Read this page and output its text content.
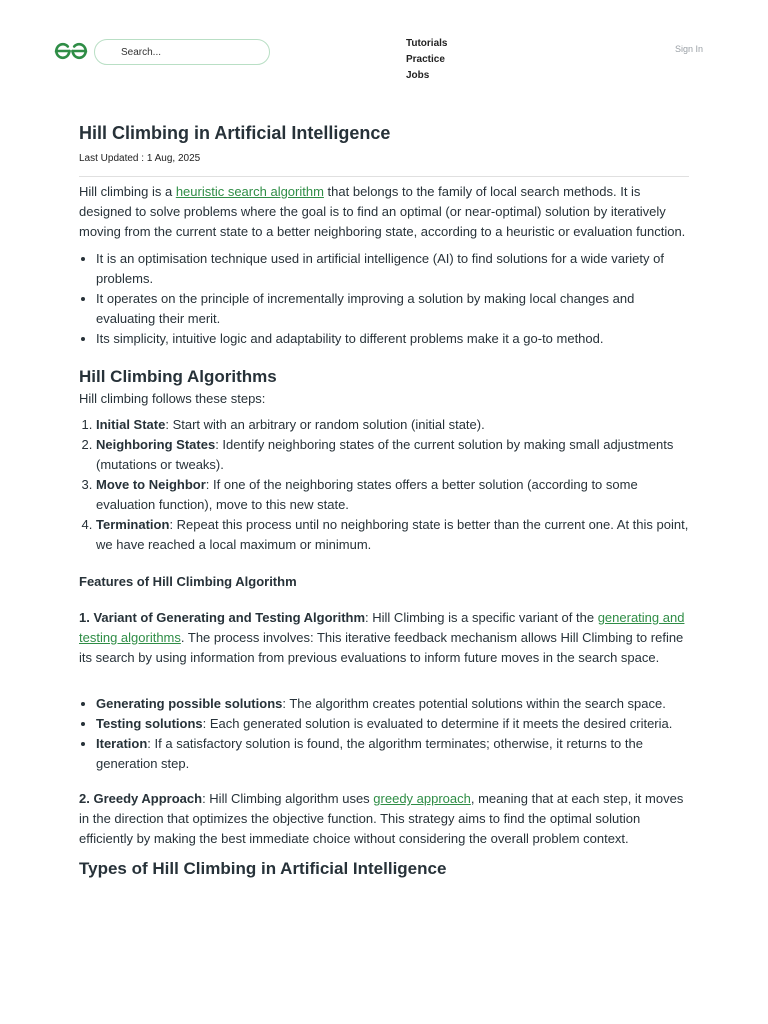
Search...
Tutorials
Practice
Jobs
Sign In
Hill Climbing in Artificial Intelligence
Last Updated : 1 Aug, 2025

Hill climbing is a heuristic search algorithm that belongs to the family of local search methods. It is designed to solve problems where the goal is to find an optimal (or near-optimal) solution by iteratively moving from the current state to a better neighboring state, according to a heuristic or evaluation function.

• It is an optimisation technique used in artificial intelligence (AI) to find solutions for a wide variety of problems.
• It operates on the principle of incrementally improving a solution by making local changes and evaluating their merit.
• Its simplicity, intuitive logic and adaptability to different problems make it a go-to method.
Hill Climbing Algorithms

Hill climbing follows these steps:

1. Initial State: Start with an arbitrary or random solution (initial state).
2. Neighboring States: Identify neighboring states of the current solution by making small adjustments (mutations or tweaks).
3. Move to Neighbor: If one of the neighboring states offers a better solution (according to some evaluation function), move to this new state.
4. Termination: Repeat this process until no neighboring state is better than the current one. At this point, we have reached a local maximum or minimum.
Features of Hill Climbing Algorithm

1. Variant of Generating and Testing Algorithm: Hill Climbing is a specific variant of the generating and testing algorithms. The process involves: This iterative feedback mechanism allows Hill Climbing to refine its search by using information from previous evaluations to inform future moves in the search space.

• Generating possible solutions: The algorithm creates potential solutions within the search space.
• Testing solutions: Each generated solution is evaluated to determine if it meets the desired criteria.
• Iteration: If a satisfactory solution is found, the algorithm terminates; otherwise, it returns to the generation step.

2. Greedy Approach: Hill Climbing algorithm uses greedy approach, meaning that at each step, it moves in the direction that optimizes the objective function. This strategy aims to find the optimal solution efficiently by making the best immediate choice without considering the overall problem context.

Types of Hill Climbing in Artificial Intelligence
